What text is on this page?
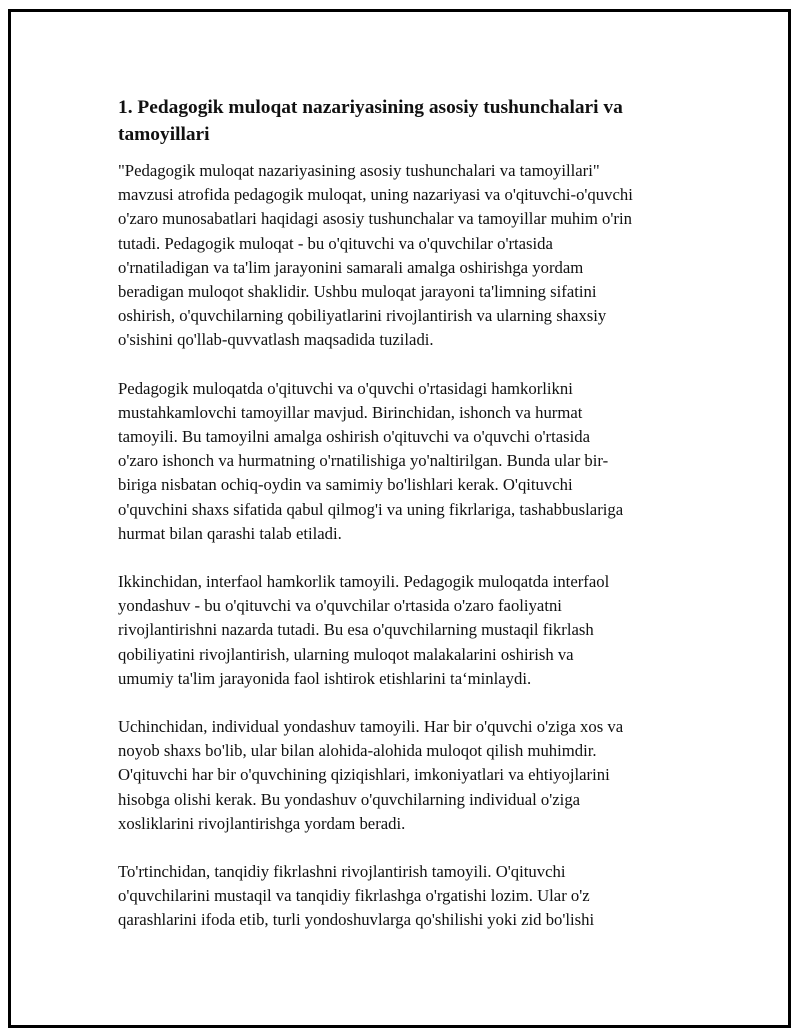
1. Pedagogik muloqat nazariyasining asosiy tushunchalari va
tamoyillari

"Pedagogik muloqat nazariyasining asosiy tushunchalari va tamoyillari"
mavzusi atrofida pedagogik muloqat, uning nazariyasi va o'qituvchi-o'quvchi
o'zaro munosabatlari haqidagi asosiy tushunchalar va tamoyillar muhim o'rin
tutadi. Pedagogik muloqat - bu o'qituvchi va o'quvchilar o'rtasida
o'rnatiladigan va ta'lim jarayonini samarali amalga oshirishga yordam
beradigan muloqot shaklidir. Ushbu muloqat jarayoni ta'limning sifatini
oshirish, o'quvchilarning qobiliyatlarini rivojlantirish va ularning shaxsiy
o'sishini qo'llab-quvvatlash maqsadida tuziladi.

Pedagogik muloqatda o'qituvchi va o'quvchi o'rtasidagi hamkorlikni
mustahkamlovchi tamoyillar mavjud. Birinchidan, ishonch va hurmat
tamoyili. Bu tamoyilni amalga oshirish o'qituvchi va o'quvchi o'rtasida
o'zaro ishonch va hurmatning o'rnatilishiga yo'naltirilgan. Bunda ular bir-
biriga nisbatan ochiq-oydin va samimiy bo'lishlari kerak. O'qituvchi
o'quvchini shaxs sifatida qabul qilmog'i va uning fikrlariga, tashabbuslariga
hurmat bilan qarashi talab etiladi.

Ikkinchidan, interfaol hamkorlik tamoyili. Pedagogik muloqatda interfaol
yondashuv - bu o'qituvchi va o'quvchilar o'rtasida o'zaro faoliyatni
rivojlantirishni nazarda tutadi. Bu esa o'quvchilarning mustaqil fikrlash
qobiliyatini rivojlantirish, ularning muloqot malakalarini oshirish va
umumiy ta'lim jarayonida faol ishtirok etishlarini ta‘minlaydi.

Uchinchidan, individual yondashuv tamoyili. Har bir o'quvchi o'ziga xos va
noyob shaxs bo'lib, ular bilan alohida-alohida muloqot qilish muhimdir.
O'qituvchi har bir o'quvchining qiziqishlari, imkoniyatlari va ehtiyojlarini
hisobga olishi kerak. Bu yondashuv o'quvchilarning individual o'ziga
xosliklarini rivojlantirishga yordam beradi.

To'rtinchidan, tanqidiy fikrlashni rivojlantirish tamoyili. O'qituvchi
o'quvchilarini mustaqil va tanqidiy fikrlashga o'rgatishi lozim. Ular o'z
qarashlarini ifoda etib, turli yondoshuvlarga qo'shilishi yoki zid bo'lishi
